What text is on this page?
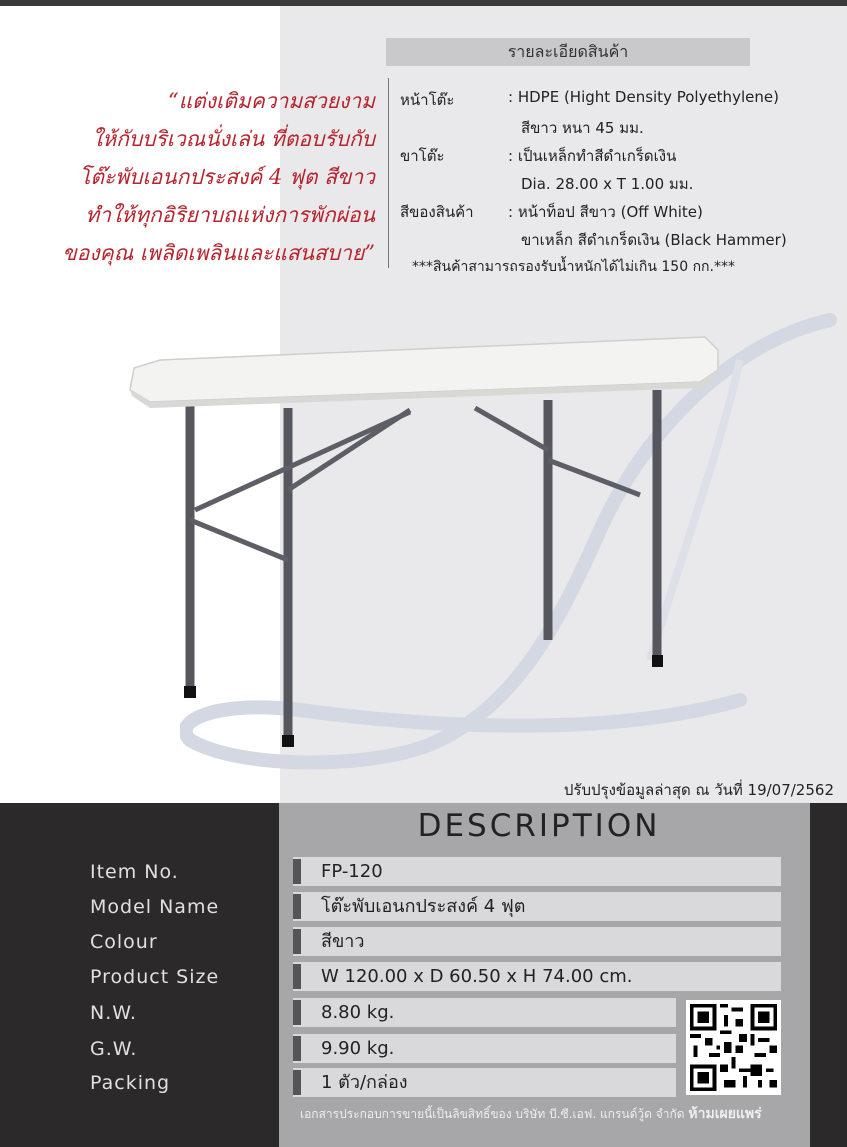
“แต่งเติมความสวยงาม
ให้กับบริเวณนั่งเล่น ที่ตอบรับกับ
โต๊ะพับเอนกประสงค์ 4 ฟุต สีขาว
ทำให้ทุกอิริยาบถแห่งการพักผ่อน
ของคุณ เพลิดเพลินและแสนสบาย”
รายละเอียดสินค้า
หน้าโต๊ะ	: HDPE (Hight Density Polyethylene)
สีขาว หนา 45 มม.
ขาโต๊ะ	: เป็นเหล็กทำสีดำเกร็ดเงิน
Dia. 28.00 x T 1.00 มม.
สีของสินค้า : หน้าท็อป สีขาว (Off White)
ขาเหล็ก สีดำเกร็ดเงิน (Black Hammer)
***สินค้าสามารถรองรับน้ำหนักได้ไม่เกิน 150 กก.***
ปรับปรุงข้อมูลล่าสุด ณ วันที่ 19/07/2562
DESCRIPTION
Item No.	FP-120
Model Name	โต๊ะพับเอนกประสงค์ 4 ฟุต
Colour	สีขาว
Product Size	W 120.00 x D 60.50 x H 74.00 cm.
N.W.	8.80 kg.
G.W.	9.90 kg.
Packing	1 ตัว/กล่อง
เอกสารประกอบการขายนี้เป็นลิขสิทธิ์ของ บริษัท บี.ซี.เอฟ. แกรนด์วู้ด จำกัด ห้ามเผยแพร่
